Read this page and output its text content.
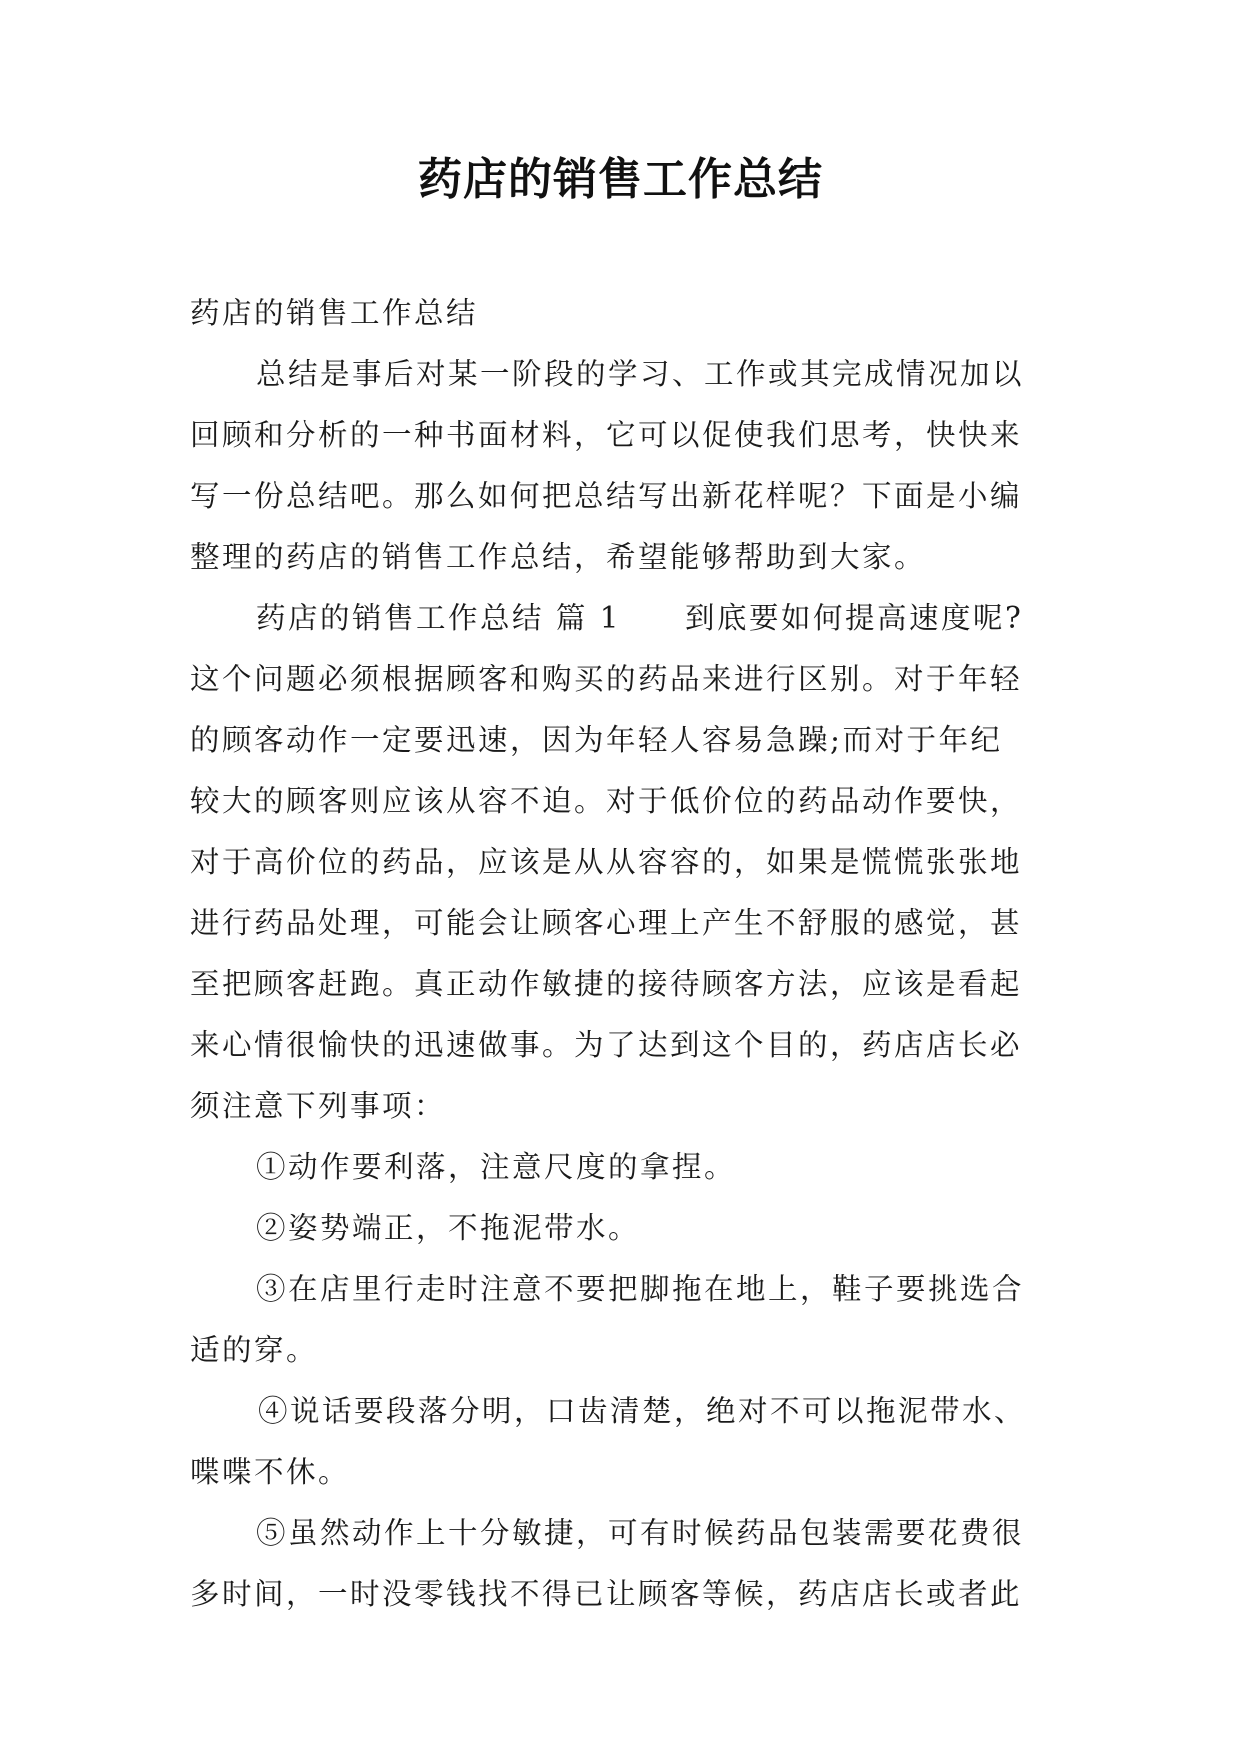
药店的销售工作总结
药店的销售工作总结
总结是事后对某一阶段的学习、工作或其完成情况加以
回顾和分析的一种书面材料，它可以促使我们思考，快快来
写一份总结吧。那么如何把总结写出新花样呢？下面是小编
整理的药店的销售工作总结，希望能够帮助到大家。
药店的销售工作总结 篇 1　　到底要如何提高速度呢?
这个问题必须根据顾客和购买的药品来进行区别。对于年轻
的顾客动作一定要迅速，因为年轻人容易急躁;而对于年纪
较大的顾客则应该从容不迫。对于低价位的药品动作要快，
对于高价位的药品，应该是从从容容的，如果是慌慌张张地
进行药品处理，可能会让顾客心理上产生不舒服的感觉，甚
至把顾客赶跑。真正动作敏捷的接待顾客方法，应该是看起
来心情很愉快的迅速做事。为了达到这个目的，药店店长必
须注意下列事项：
①动作要利落，注意尺度的拿捏。
②姿势端正，不拖泥带水。
③在店里行走时注意不要把脚拖在地上，鞋子要挑选合
适的穿。
④说话要段落分明，口齿清楚，绝对不可以拖泥带水、
喋喋不休。
⑤虽然动作上十分敏捷，可有时候药品包装需要花费很
多时间，一时没零钱找不得已让顾客等候，药店店长或者此
